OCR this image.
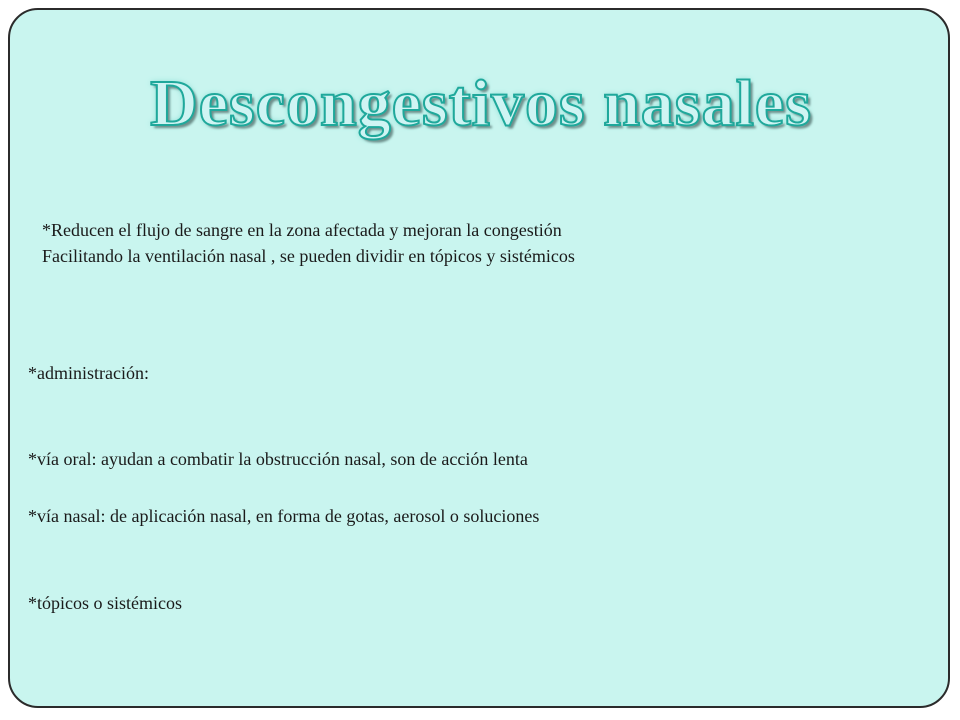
Descongestivos nasales
*Reducen el flujo de sangre en la zona afectada y mejoran la congestión
Facilitando la ventilación nasal , se pueden dividir en tópicos y sistémicos

*administración:

*vía oral: ayudan a combatir la obstrucción nasal, son de acción lenta

*vía nasal: de aplicación nasal, en forma de gotas, aerosol o soluciones

*tópicos o sistémicos
